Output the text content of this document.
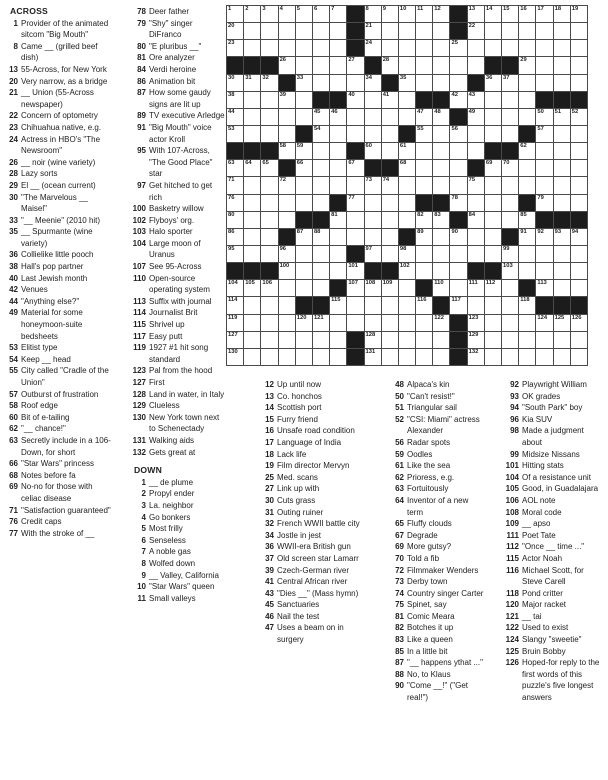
ACROSS
1 Provider of the animated sitcom "Big Mouth"
8 Came __ (grilled beef dish)
13 55-Across, for New York
20 Very narrow, as a bridge
21 __ Union (55-Across newspaper)
22 Concern of optometry
23 Chihuahua native, e.g.
24 Actress in HBO's "The Newsroom"
26 __ noir (wine variety)
28 Lazy sorts
29 El __ (ocean current)
30 "The Marvelous __ Maisel"
33 "__ Meenie" (2010 hit)
35 __ Spurmante (wine variety)
36 Collielike little pooch
38 Hall's pop partner
40 Last Jewish month
42 Venues
44 "Anything else?"
49 Material for some honeymoon-suite bedsheets
53 Elitist type
54 Keep __ head
55 City called "Cradle of the Union"
57 Outburst of frustration
58 Roof edge
60 Bit of e-tailing
62 "__ chance!"
63 Secretly include in a 106-Down, for short
66 "Star Wars" princess
68 Notes before fa
69 No-no for those with celiac disease
71 "Satisfaction guaranteed"
76 Credit caps
77 With the stroke of __
78 Deer father
79 "Shy" singer DiFranco
80 "E pluribus __"
81 Ore analyzer
84 Verdi heroine
86 Animation bit
87 How some gaudy signs are lit up
89 TV executive Arledge
91 "Big Mouth" voice actor Kroll
95 With 107-Across, "The Good Place" star
97 Get hitched to get rich
100 Basketry willow
102 Flyboys' org.
103 Halo sporter
104 Large moon of Uranus
107 See 95-Across
110 Open-source operating system
113 Suffix with journal
114 Journalist Brit
115 Shrivel up
117 Easy putt
119 1927 #1 hit song standard
123 Pal from the hood
127 First
128 Land in water, in Italy
129 Clueless
130 New York town next to Schenectady
131 Walking aids
132 Gets great at
DOWN
1 __ de plume
2 Propyl ender
3 La. neighbor
4 Go bonkers
5 Most frilly
6 Senseless
7 A noble gas
8 Wolfed down
9 __ Valley, California
10 "Star Wars" queen
11 Small valleys
1 2 3 4 5 6 7	8 9 10 11 12	13 14 15 16 17 18 19
20	21	22
23	24	25
26	27	28	29
30 31 32	33	34	35	36 37
38	39	40	41	42 43
44	45 46	47 48	49	50 51 52
53	54	55	56	57
58 59	60	61	62
63 64 65	66	67	68	69 70
71	72	73 74	75
76	77	78	79
80	81	82 83	84	85
86	87 88	89	90	91 92 93 94
95	96	97	98	99
100	101	102	103
104 105 106	107 108 109	110	111 112	113
114	115	116	117	118
119	120 121	122	123	124 125 126
127	128	129
130	131	132
12 Up until now
13 Co. honchos
14 Scottish port
15 Furry friend
16 Unsafe road condition
17 Language of India
18 Lack life
19 Film director Mervyn
25 Med. scans
27 Link up with
30 Cuts grass
31 Outing ruiner
32 French WWII battle city
34 Jostle in jest
36 WWII-era British gun
37 Old screen star Lamarr
39 Czech-German river
41 Central African river
43 "Dies __" (Mass hymn)
45 Sanctuaries
46 Nail the test
47 Uses a beam on in surgery
48 Alpaca's kin
50 "Can't resist!"
51 Triangular sail
52 "CSI: Miami" actress Alexander
56 Radar spots
59 Oodles
61 Like the sea
62 Prioress, e.g.
63 Fortuitously
64 Inventor of a new term
65 Fluffy clouds
67 Degrade
69 More gutsy?
70 Told a fib
72 Filmmaker Wenders
73 Derby town
74 Country singer Carter
75 Spinet, say
81 Comic Meara
82 Botches it up
83 Like a queen
85 In a little bit
87 "__ happens ythat ..."
88 No, to Klaus
90 "Come __!" ("Get real!")
92 Playwright William
93 OK grades
94 "South Park" boy
96 Kia SUV
98 Made a judgment about
99 Midsize Nissans
101 Hitting stats
104 Of a resistance unit
105 Good, in Guadalajara
106 AOL note
108 Moral code
109 __ apso
111 Poet Tate
112 "Once __ time ..."
115 Actor Noah
116 Michael Scott, for Steve Carell
118 Pond critter
120 Major racket
121 __ tai
122 Used to exist
124 Slangy "sweetie"
125 Bruin Bobby
126 Hoped-for reply to the first words of this puzzle's five longest answers
